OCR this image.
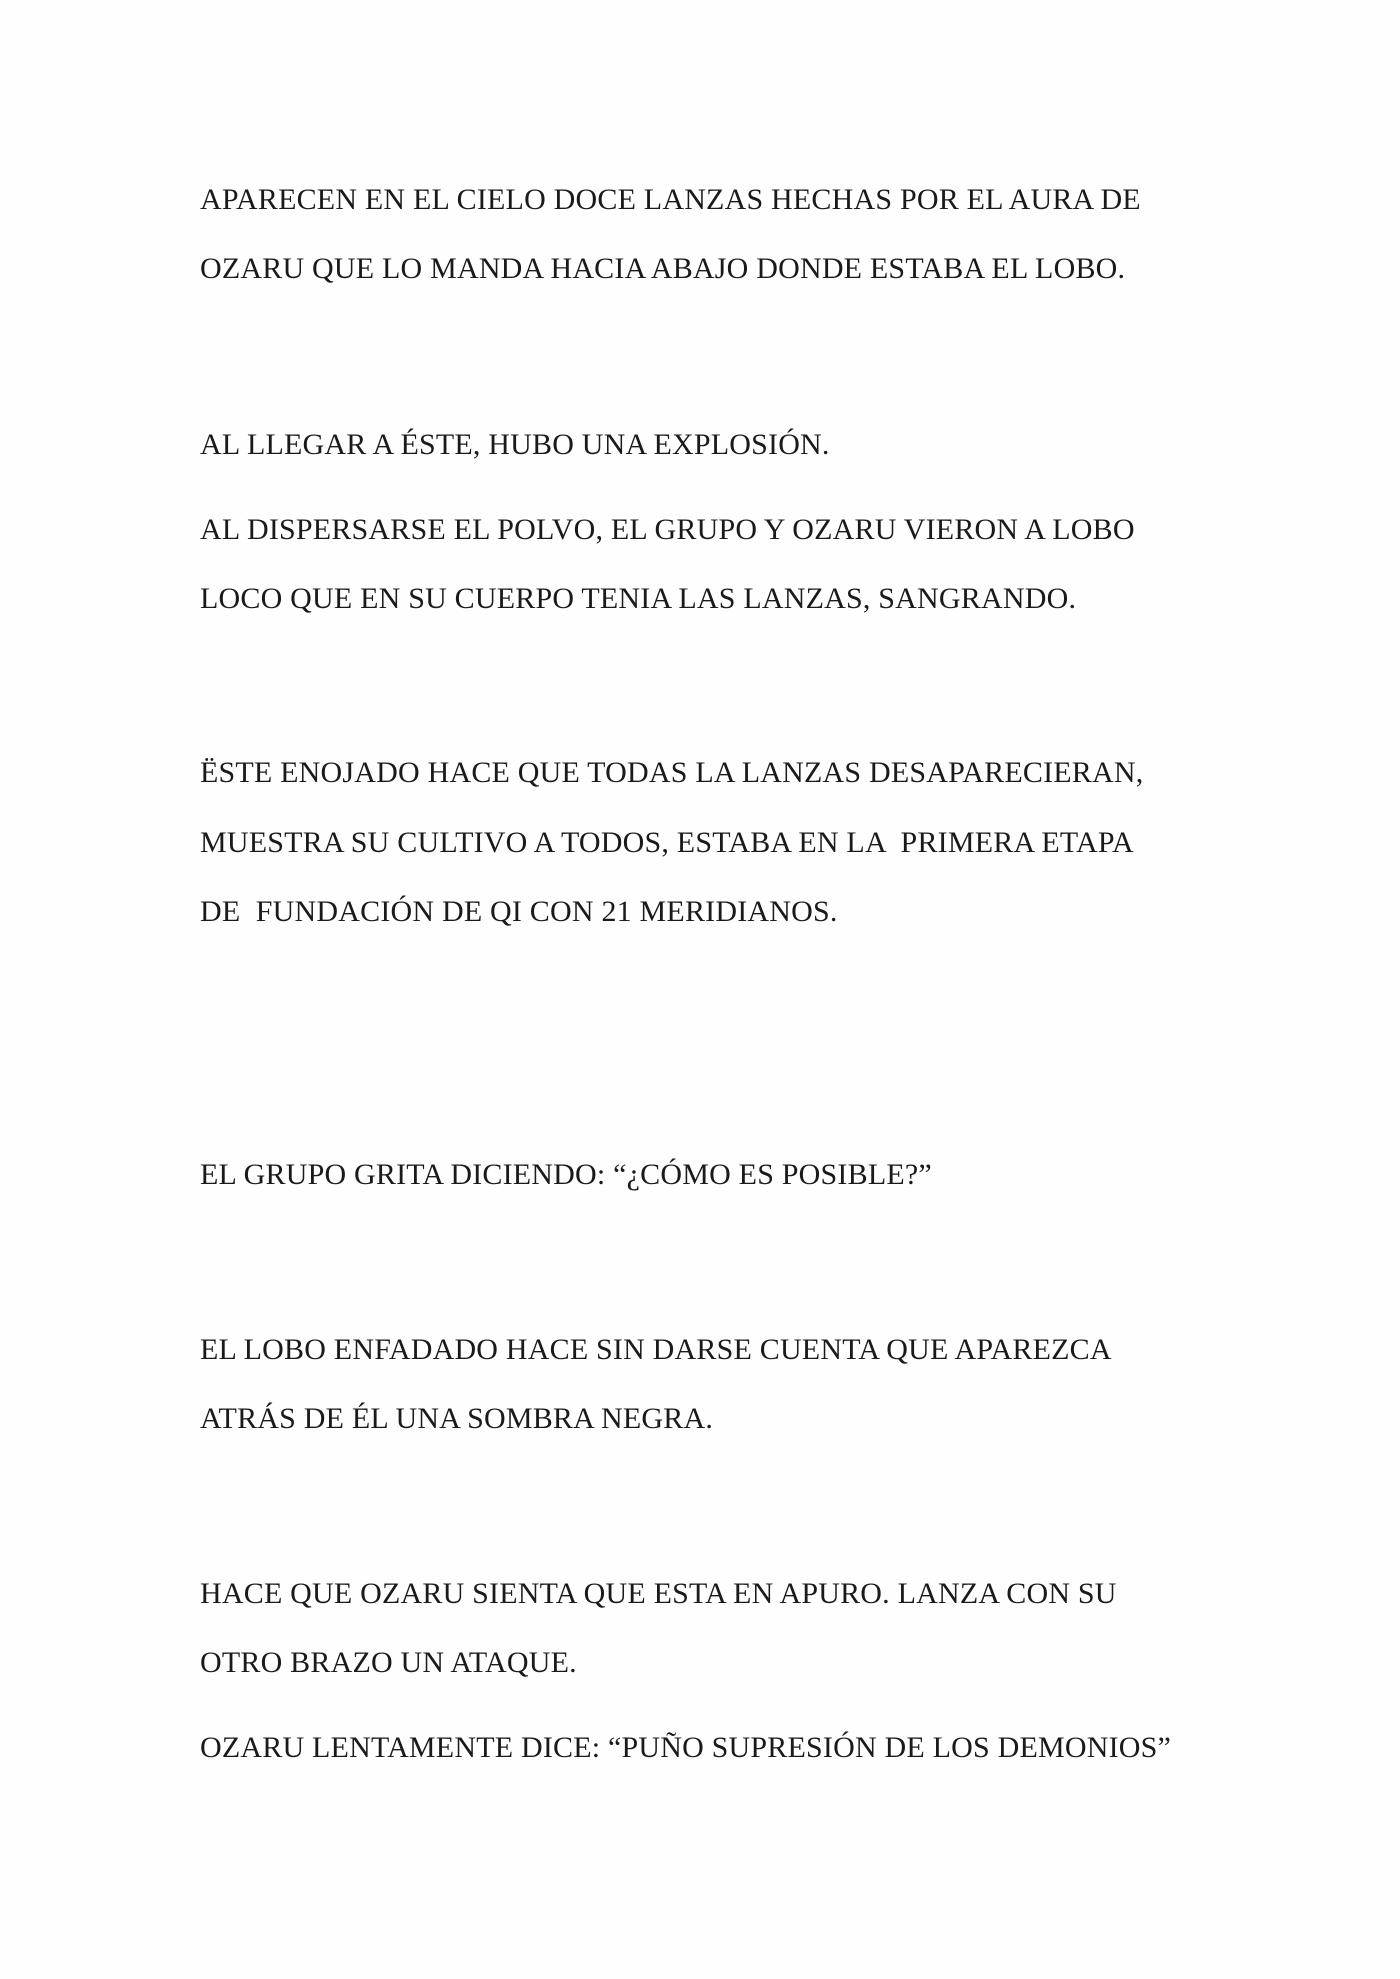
APARECEN EN EL CIELO DOCE LANZAS HECHAS POR EL AURA DE

OZARU QUE LO MANDA HACIA ABAJO DONDE ESTABA EL LOBO.

AL LLEGAR A ÉSTE, HUBO UNA EXPLOSIÓN.

AL DISPERSARSE EL POLVO, EL GRUPO Y OZARU VIERON A LOBO

LOCO QUE EN SU CUERPO TENIA LAS LANZAS, SANGRANDO.

ËSTE ENOJADO HACE QUE TODAS LA LANZAS DESAPARECIERAN,

MUESTRA SU CULTIVO A TODOS, ESTABA EN LA  PRIMERA ETAPA

DE  FUNDACIÓN DE QI CON 21 MERIDIANOS.

EL GRUPO GRITA DICIENDO: “¿CÓMO ES POSIBLE?”

EL LOBO ENFADADO HACE SIN DARSE CUENTA QUE APAREZCA

ATRÁS DE ÉL UNA SOMBRA NEGRA.

HACE QUE OZARU SIENTA QUE ESTA EN APURO. LANZA CON SU

OTRO BRAZO UN ATAQUE.

OZARU LENTAMENTE DICE: “PUÑO SUPRESIÓN DE LOS DEMONIOS”
